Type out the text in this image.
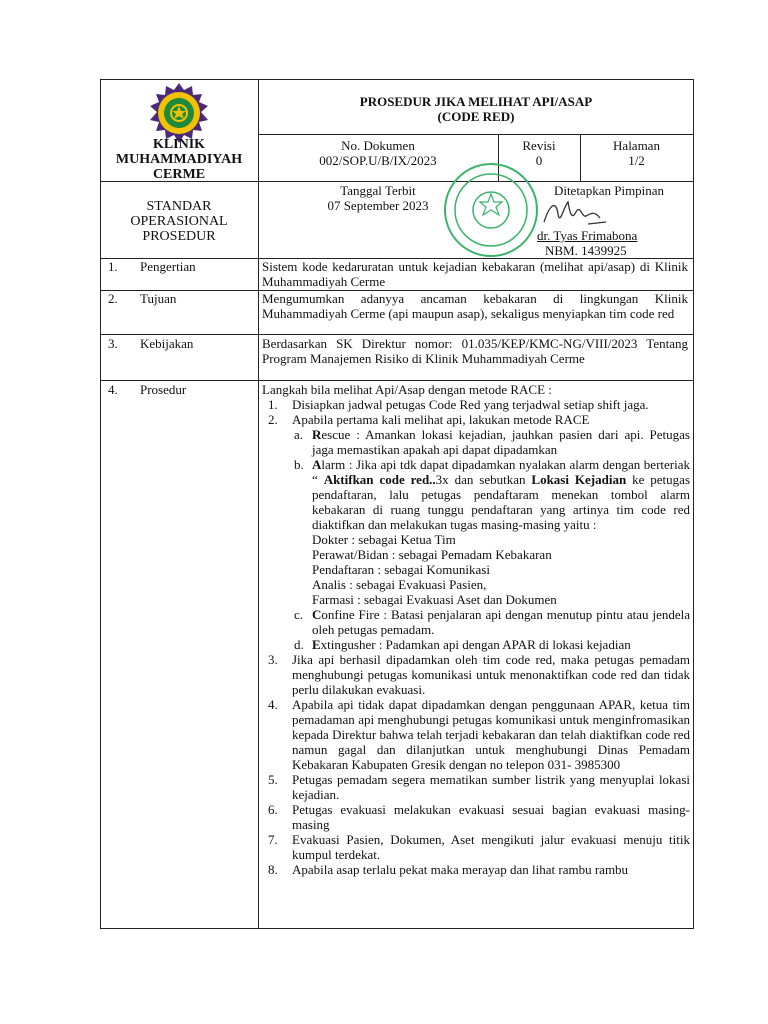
KLINIK
MUHAMMADIYAH
CERME
PROSEDUR JIKA MELIHAT API/ASAP
(CODE RED)
No. Dokumen
002/SOP.U/B/IX/2023
Revisi
0
Halaman
1/2
STANDAR
OPERASIONAL
PROSEDUR
Tanggal Terbit
07 September 2023
Ditetapkan Pimpinan
dr. Tyas Frimabona
NBM. 1439925
1. Pengertian	Sistem kode kedaruratan untuk kejadian kebakaran (melihat api/asap) di Klinik Muhammadiyah Cerme
2. Tujuan	Mengumumkan adanyya ancaman kebakaran di lingkungan Klinik Muhammadiyah Cerme (api maupun asap), sekaligus menyiapkan tim code red
3. Kebijakan	Berdasarkan SK Direktur nomor: 01.035/KEP/KMC-NG/VIII/2023 Tentang Program Manajemen Risiko di Klinik Muhammadiyah Cerme
4. Prosedur	Langkah bila melihat Api/Asap dengan metode RACE :
1. Disiapkan jadwal petugas Code Red yang terjadwal setiap shift jaga.
2. Apabila pertama kali melihat api, lakukan metode RACE
a. Rescue : Amankan lokasi kejadian, jauhkan pasien dari api. Petugas jaga memastikan apakah api dapat dipadamkan
b. Alarm : Jika api tdk dapat dipadamkan nyalakan alarm dengan berteriak “ Aktifkan code red..3x dan sebutkan Lokasi Kejadian ke petugas pendaftaran, lalu petugas pendaftaram menekan tombol alarm kebakaran di ruang tunggu pendaftaran yang artinya tim code red diaktifkan dan melakukan tugas masing-masing yaitu :
Dokter : sebagai Ketua Tim
Perawat/Bidan : sebagai Pemadam Kebakaran
Pendaftaran : sebagai Komunikasi
Analis : sebagai Evakuasi Pasien,
Farmasi : sebagai Evakuasi Aset dan Dokumen
c. Confine Fire : Batasi penjalaran api dengan menutup pintu atau jendela oleh petugas pemadam.
d. Extingusher : Padamkan api dengan APAR di lokasi kejadian
3. Jika api berhasil dipadamkan oleh tim code red, maka petugas pemadam menghubungi petugas komunikasi untuk menonaktifkan code red dan tidak perlu dilakukan evakuasi.
4. Apabila api tidak dapat dipadamkan dengan penggunaan APAR, ketua tim pemadaman api menghubungi petugas komunikasi untuk menginfromasikan kepada Direktur bahwa telah terjadi kebakaran dan telah diaktifkan code red namun gagal dan dilanjutkan untuk menghubungi Dinas Pemadam Kebakaran Kabupaten Gresik dengan no telepon 031- 3985300
5. Petugas pemadam segera mematikan sumber listrik yang menyuplai lokasi kejadian.
6. Petugas evakuasi melakukan evakuasi sesuai bagian evakuasi masing-masing
7. Evakuasi Pasien, Dokumen, Aset mengikuti jalur evakuasi menuju titik kumpul terdekat.
8. Apabila asap terlalu pekat maka merayap dan lihat rambu rambu
